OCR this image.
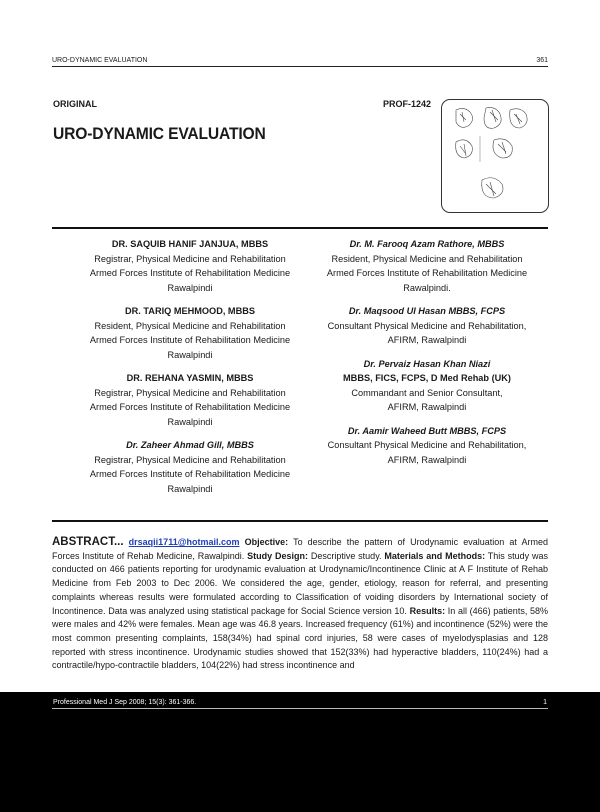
URO-DYNAMIC EVALUATION	361
ORIGINAL	PROF-1242
URO-DYNAMIC EVALUATION
DR. SAQUIB HANIF JANJUA, MBBS
Registrar, Physical Medicine and Rehabilitation
Armed Forces Institute of Rehabilitation Medicine
Rawalpindi
DR. TARIQ MEHMOOD, MBBS
Resident, Physical Medicine and Rehabilitation
Armed Forces Institute of Rehabilitation Medicine
Rawalpindi
DR. REHANA YASMIN, MBBS
Registrar, Physical Medicine and Rehabilitation
Armed Forces Institute of Rehabilitation Medicine
Rawalpindi
Dr. Zaheer Ahmad Gill, MBBS
Registrar, Physical Medicine and Rehabilitation
Armed Forces Institute of Rehabilitation Medicine
Rawalpindi
Dr. M. Farooq Azam Rathore, MBBS
Resident, Physical Medicine and Rehabilitation
Armed Forces Institute of Rehabilitation Medicine
Rawalpindi.
Dr. Maqsood Ul Hasan MBBS, FCPS
Consultant Physical Medicine and Rehabilitation,
AFIRM, Rawalpindi
Dr. Pervaiz Hasan Khan Niazi
MBBS, FICS, FCPS, D Med Rehab (UK)
Commandant and Senior Consultant,
AFIRM, Rawalpindi
Dr. Aamir Waheed Butt MBBS, FCPS
Consultant Physical Medicine and Rehabilitation,
AFIRM, Rawalpindi
ABSTRACT... drsaqii1711@hotmail.com Objective: To describe the pattern of Urodynamic evaluation at Armed Forces Institute of Rehab Medicine, Rawalpindi. Study Design: Descriptive study. Materials and Methods: This study was conducted on 466 patients reporting for urodynamic evaluation at Urodynamic/Incontinence Clinic at A F Institute of Rehab Medicine from Feb 2003 to Dec 2006. We considered the age, gender, etiology, reason for referral, and presenting complaints whereas results were formulated according to Classification of voiding disorders by International society of Incontinence. Data was analyzed using statistical package for Social Science version 10. Results: In all (466) patients, 58% were males and 42% were females. Mean age was 46.8 years. Increased frequency (61%) and incontinence (52%) were the most common presenting complaints, 158(34%) had spinal cord injuries, 58 were cases of myelodysplasias and 128 reported with stress incontinence. Urodynamic studies showed that 152(33%) had hyperactive bladders, 110(24%) had a contractile/hypo-contractile bladders, 104(22%) had stress incontinence and
Professional Med J Sep 2008; 15(3): 361-366.	1
